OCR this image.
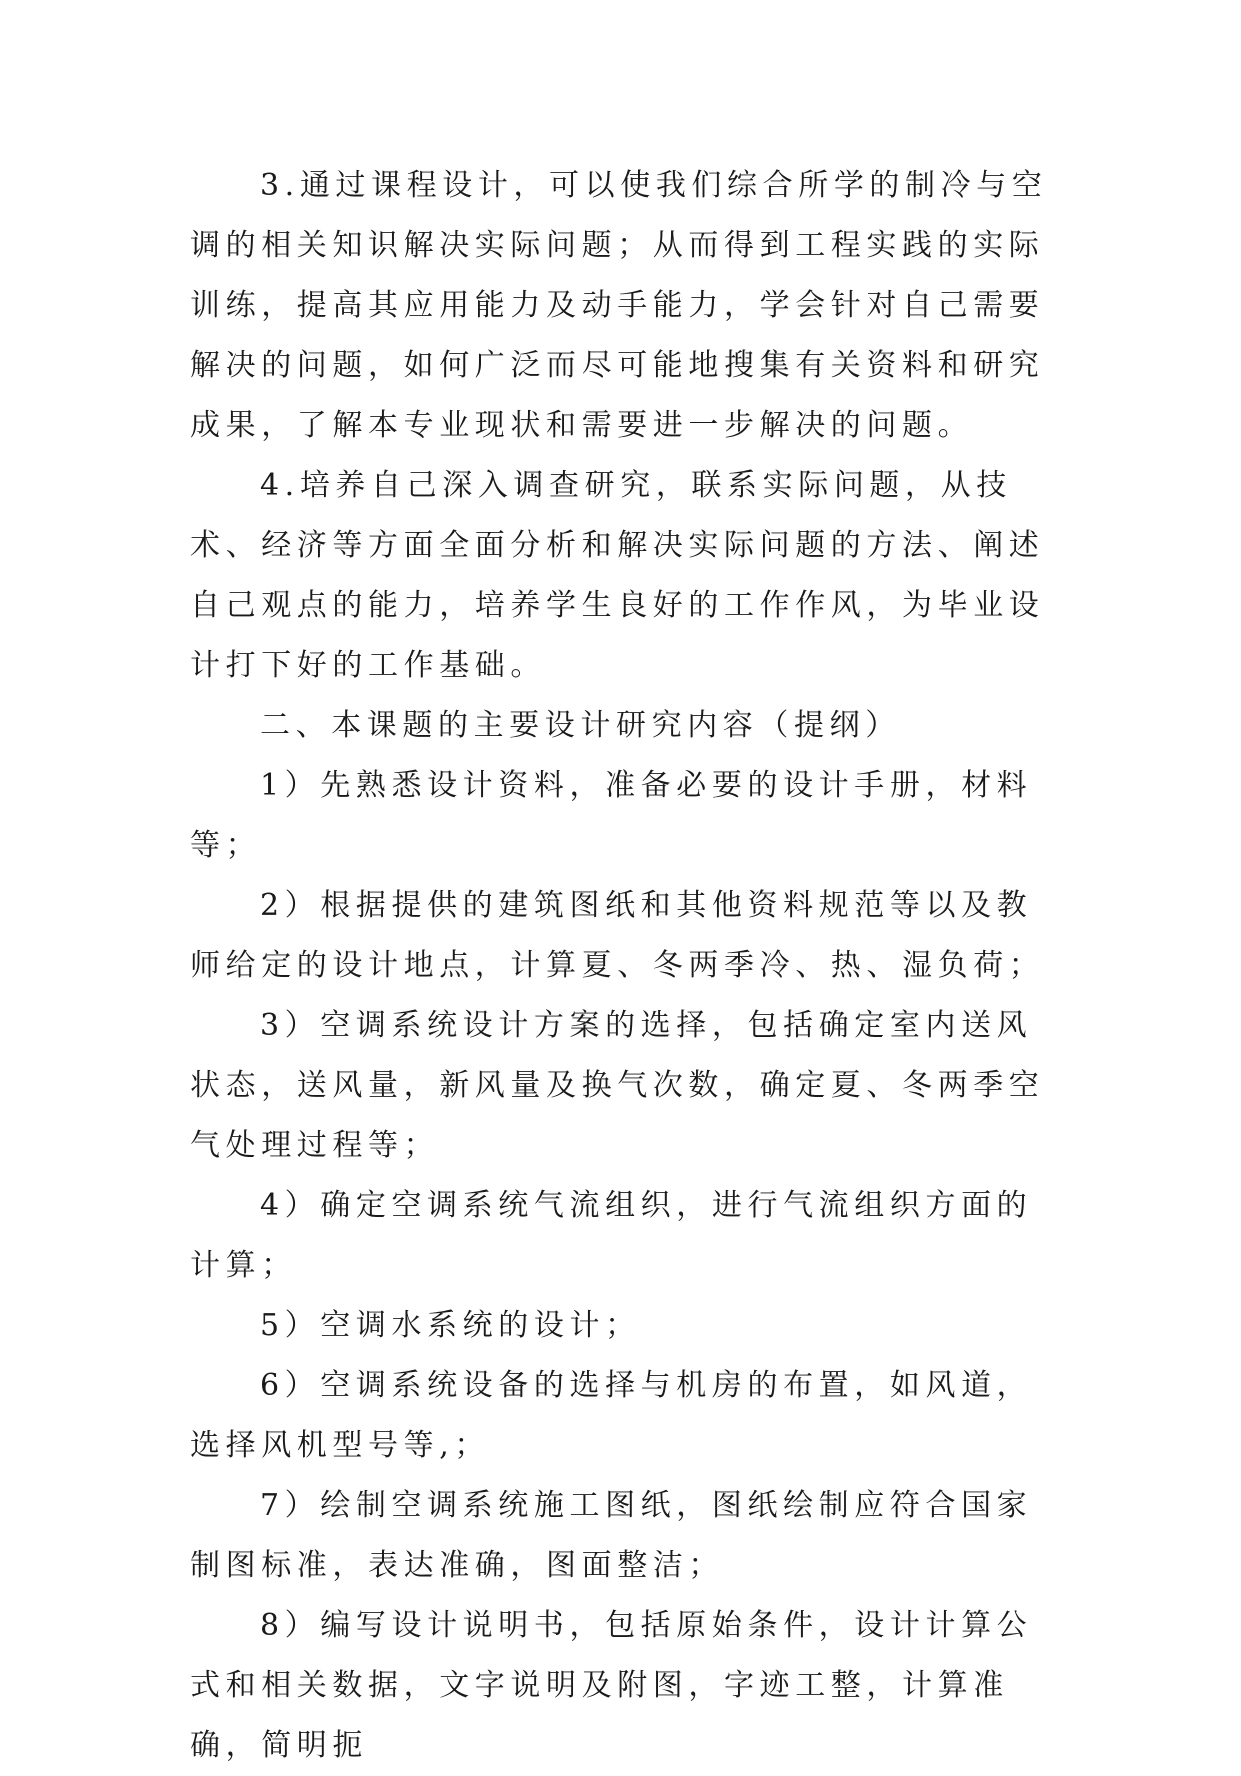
3.通过课程设计，可以使我们综合所学的制冷与空调的相关知识解决实际问题；从而得到工程实践的实际训练，提高其应用能力及动手能力，学会针对自己需要解决的问题，如何广泛而尽可能地搜集有关资料和研究成果，了解本专业现状和需要进一步解决的问题。

4.培养自己深入调查研究，联系实际问题，从技术、经济等方面全面分析和解决实际问题的方法、阐述自己观点的能力，培养学生良好的工作作风，为毕业设计打下好的工作基础。

二、本课题的主要设计研究内容（提纲）

1）先熟悉设计资料，准备必要的设计手册，材料等；

2）根据提供的建筑图纸和其他资料规范等以及教师给定的设计地点，计算夏、冬两季冷、热、湿负荷；

3）空调系统设计方案的选择，包括确定室内送风状态，送风量，新风量及换气次数，确定夏、冬两季空气处理过程等；

4）确定空调系统气流组织，进行气流组织方面的计算；

5）空调水系统的设计；

6）空调系统设备的选择与机房的布置，如风道，选择风机型号等,；

7）绘制空调系统施工图纸，图纸绘制应符合国家制图标准，表达准确，图面整洁；

8）编写设计说明书，包括原始条件，设计计算公式和相关数据，文字说明及附图，字迹工整，计算准确，简明扼
